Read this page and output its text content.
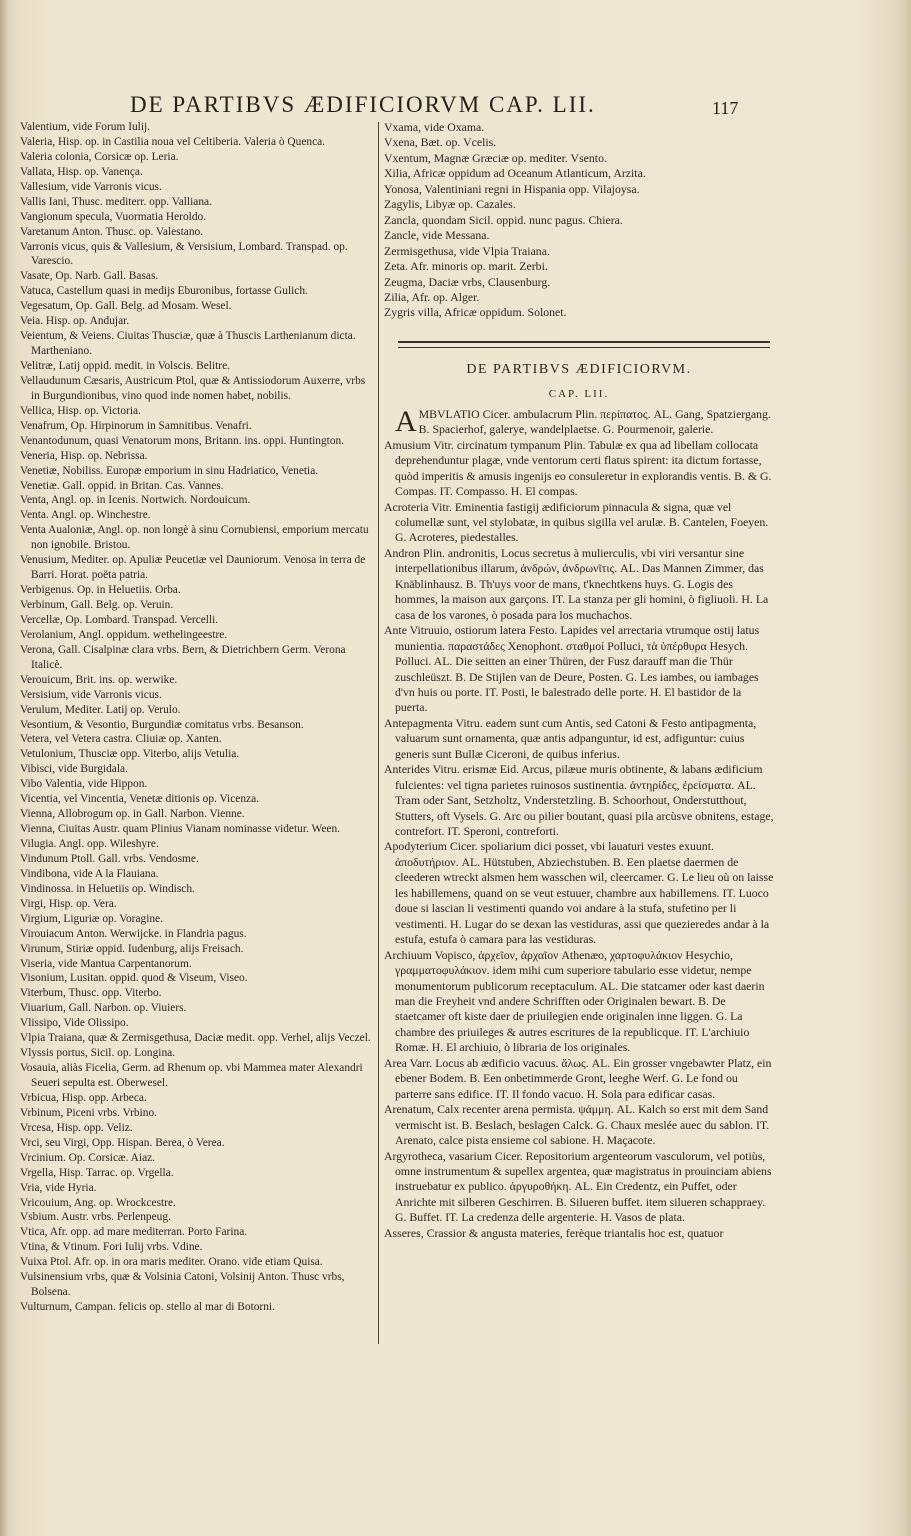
DE PARTIBVS ÆDIFICIORVM CAP. LII.	117

Valentium, vide Forum Iulij.

Valeria, Hisp. op. in Castilia noua vel Celtiberia. Valeria ò Quenca.

Valeria colonia, Corsicæ op. Leria.

Vallata, Hisp. op. Vanença.

Vallesium, vide Varronis vicus.

Vallis Iani, Thusc. mediterr. opp. Valliana.

Vangionum specula, Vuormatia Heroldo.

Varetanum Anton. Thusc. op. Valestano.

Varronis vicus, quis & Vallesium, & Versisium, Lombard. Transpad. op. Varescio.

Vasate, Op. Narb. Gall. Basas.

Vatuca, Castellum quasi in medijs Eburonibus, fortasse Gulich.

Vegesatum, Op. Gall. Belg. ad Mosam. Wesel.

Veia. Hisp. op. Andujar.

Veientum, & Veiens. Ciuitas Thusciæ, quæ à Thuscis Larthenianum dicta. Martheniano.

Velitræ, Latij oppid. medit. in Volscis. Belitre.

Vellaudunum Cæsaris, Austricum Ptol, quæ & Antissiodorum Auxerre, vrbs in Burgundionibus, vino quod inde nomen habet, nobilis.

Vellica, Hisp. op. Victoria.

Venafrum, Op. Hirpinorum in Samnitibus. Venafri.

Venantodunum, quasi Venatorum mons, Britann. ins. oppi. Huntington.

Veneria, Hisp. op. Nebrissa.

Venetiæ, Nobiliss. Europæ emporium in sinu Hadriatico, Venetia.

Venetiæ. Gall. oppid. in Britan. Cas. Vannes.

Venta, Angl. op. in Icenis. Nortwich. Nordouicum.

Venta. Angl. op. Winchestre.

Venta Aualoniæ, Angl. op. non longè à sinu Cornubiensi, emporium mercatu non ignobile. Bristou.

Venusium, Mediter. op. Apuliæ Peucetiæ vel Dauniorum. Venosa in terra de Barri. Horat. poëta patria.

Verbigenus. Op. in Heluetiis. Orba.

Verbinum, Gall. Belg. op. Veruin.

Vercellæ, Op. Lombard. Transpad. Vercelli.

Verolanium, Angl. oppidum. wethelingeestre.

Verona, Gall. Cisalpinæ clara vrbs. Bern, & Dietrichbern Germ. Verona Italicè.

Verouicum, Brit. ins. op. werwike.

Versisium, vide Varronis vicus.

Verulum, Mediter. Latij op. Verulo.

Vesontium, & Vesontio, Burgundiæ comitatus vrbs. Besanson.

Vetera, vel Vetera castra. Cliuiæ op. Xanten.

Vetulonium, Thusciæ opp. Viterbo, alijs Vetulia.

Vibisci, vide Burgidala.

Vibo Valentia, vide Hippon.

Vicentia, vel Vincentia, Venetæ ditionis op. Vicenza.

Vienna, Allobrogum op. in Gall. Narbon. Vienne.

Vienna, Ciuitas Austr. quam Plinius Vianam nominasse videtur. Ween.

Vilugia. Angl. opp. Wileshyre.

Vindunum Ptoll. Gall. vrbs. Vendosme.

Vindibona, vide A la Flauiana.

Vindinossa. in Heluetiis op. Windisch.

Virgi, Hisp. op. Vera.

Virgium, Liguriæ op. Voragine.

Virouiacum Anton. Werwijcke. in Flandria pagus.

Virunum, Stiriæ oppid. Iudenburg, alijs Freisach.

Viseria, vide Mantua Carpentanorum.

Visonium, Lusitan. oppid. quod & Viseum, Viseo.

Viterbum, Thusc. opp. Viterbo.

Viuarium, Gall. Narbon. op. Viuiers.

Vlissipo, Vide Olissipo.

Vlpia Traiana, quæ & Zermisgethusa, Daciæ medit. opp. Verhel, alijs Veczel.

Vlyssis portus, Sicil. op. Longina.

Vosauia, aliàs Ficelia, Germ. ad Rhenum op. vbi Mammeа mater Alexandri Seueri sepulta est. Oberwesel.

Vrbicua, Hisp. opp. Arbeca.

Vrbinum, Piceni vrbs. Vrbino.

Vrcesa, Hisp. opp. Veliz.

Vrci, seu Virgi, Opp. Hispan. Berea, ò Verea.

Vrcinium. Op. Corsicæ. Aiaz.

Vrgella, Hisp. Tarrac. op. Vrgella.

Vria, vide Hyria.

Vricouium, Ang. op. Wrockcestre.

Vsbium. Austr. vrbs. Perlenpeug.

Vtica, Afr. opp. ad mare mediterran. Porto Farina.

Vtina, & Vtinum. Fori Iulij vrbs. Vdine.

Vuixa Ptol. Afr. op. in ora maris mediter. Orano. vide etiam Quisa.

Vulsinensium vrbs, quæ & Volsinia Catoni, Volsinij Anton. Thusc vrbs, Bolsena.

Vulturnum, Campan. felicis op. stello al mar di Botorni.

Vxama, vide Oxama.

Vxena, Bæt. op. Vcelis.

Vxentum, Magnæ Græciæ op. mediter. Vsento.

Xilia, Africæ oppidum ad Oceanum Atlanticum, Arzita.

Yonosa, Valentiniani regni in Hispania opp. Vilajoysa.

Zagylis, Libyæ op. Cazales.

Zancla, quondam Sicil. oppid. nunc pagus. Chiera.

Zancle, vide Messana.

Zermisgethusa, vide Vlpia Traiana.

Zeta. Afr. minoris op. marit. Zerbi.

Zeugma, Daciæ vrbs, Clausenburg.

Zilia, Afr. op. Alger.

Zygris villa, Africæ oppidum. Solonet.

DE PARTIBVS ÆDIFICIORVM.
CAP. LII.

AMBVLATIO Cicer. ambulacrum Plin. περίπατος. AL. Gang, Spatziergang. B. Spacierhof, galerye, wandelplaetse. G. Pourmenoir, galerie.

Amusium Vitr. circinatum tympanum Plin. Tabulæ ex qua ad libellam collocata deprehenduntur plagæ, vnde ventorum certi flatus spirent: ita dictum fortasse, quòd imperitis & amusis ingenijs eo consuleretur in explorandis ventis. B. & G. Compas. IT. Compasso. H. El compas.

Acroteria Vitr. Eminentia fastigij ædificiorum pinnacula & signa, quæ vel columellæ sunt, vel stylobatæ, in quibus sigilla vel arulæ. B. Cantelen, Foeyen. G. Acroteres, piedestalles.

Andron Plin. andronitis, Locus secretus à mulierculis, vbi viri versantur sine interpellationibus illarum, ἀνδρών, ἀνδρωνῖτις. AL. Das Mannen Zimmer, das Knäblinhausz. B. Th'uys voor de mans, t'knechtkens huys. G. Logis des hommes, la maison aux garçons. IT. La stanza per gli homini, ò figliuoli. H. La casa de los varones, ò posada para los muchachos.

Ante Vitruuio, ostiorum latera Festo. Lapides vel arrectaria vtrumque ostij latus munientia. παραστάδες Xenophont. σταθμοί Polluci, τὰ ὑπέρθυρα Hesych. Polluci. AL. Die seitten an einer Thüren, der Fusz darauff man die Thür zuschleüszt. B. De Stijlen van de Deure, Posten. G. Les iambes, ou iambages d'vn huis ou porte. IT. Posti, le balestrado delle porte. H. El bastidor de la puerta.

Antepagmenta Vitru. eadem sunt cum Antis, sed Catoni & Festo antipagmenta, valuarum sunt ornamenta, quæ antis adpanguntur, id est, adfiguntur: cuius generis sunt Bullæ Ciceroni, de quibus inferius.

Anterides Vitru. erismæ Eid. Arcus, pilæue muris obtinente, & labans ædificium fulcientes: vel tigna parietes ruinosos sustinentia. ἀντηρίδες, ἐρείσματα. AL. Tram oder Sant, Setzholtz, Vnderstetzling. B. Schoorhout, Onderstutthout, Stutters, oft Vysels. G. Arc ou pilier boutant, quasi pila arcùsve obnitens, estage, contrefort. IT. Speroni, contreforti.

Apodyterium Cicer. spoliarium dici posset, vbi lauaturi vestes exuunt. ἀποδυτήριον. AL. Hütstuben, Abziechstuben. B. Een plaetse daermen de cleederen wtreckt alsmen hem wasschen wil, cleercamer. G. Le lieu où on laisse les habillemens, quand on se veut estuuer, chambre aux habillemens. IT. Luoco doue si lascian li vestimenti quando voi andare à la stufa, stufetino per li vestimenti. H. Lugar do se dexan las vestiduras, assi que quezieredes andar à la estufa, estufa ò camara para las vestiduras.

Archiuum Vopisco, ἀρχεῖον, ἀρχαῖον Athenæo, χαρτοφυλάκιον Hesychio, γραμματοφυλάκιον. idem mihi cum superiore tabulario esse videtur, nempe monumentorum publicorum receptaculum. AL. Die statcamer oder kast daerin man die Freyheit vnd andere Schrifften oder Originalen bewart. B. De staetcamer oft kiste daer de priuilegien ende originalen inne liggen. G. La chambre des priuileges & autres escritures de la republicque. IT. L'archiuio Romæ. H. El archiuio, ò libraria de los originales.

Area Varr. Locus ab ædificio vacuus. ἅλως. AL. Ein grosser vngebawter Platz, ein ebener Bodem. B. Een onbetimmerde Gront, leeghe Werf. G. Le fond ou parterre sans edifice. IT. Il fondo vacuo. H. Sola para edificar casas.

Arenatum, Calx recenter arena permista. ψάμμη. AL. Kalch so erst mit dem Sand vermischt ist. B. Beslach, beslagen Calck. G. Chaux meslée auec du sablon. IT. Arenato, calce pista ensieme col sabione. H. Maçacote.

Argyrotheca, vasarium Cicer. Repositorium argenteorum vasculorum, vel potiùs, omne instrumentum & supellex argentea, quæ magistratus in prouinciam abiens instruebatur ex publico. ἀργυροθήκη. AL. Ein Credentz, ein Puffet, oder Anrichte mit silberen Geschirren. B. Silueren buffet. item silueren schapprаey. G. Buffet. IT. La credenza delle argenterie. H. Vasos de plata.

Asseres, Crassior & angusta materies, ferèque triantalis hoc est, quatuor
